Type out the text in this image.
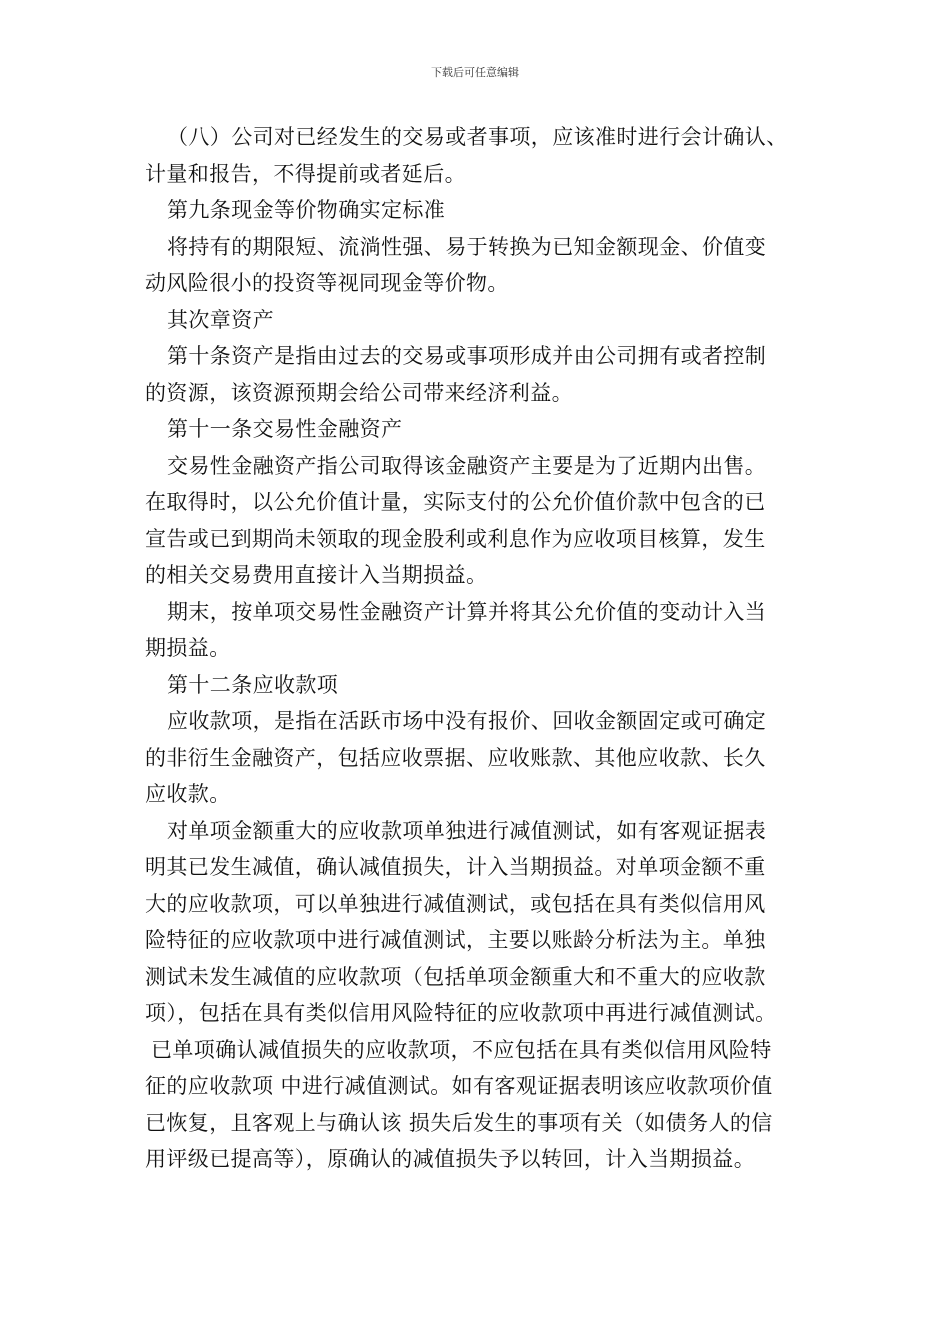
下载后可任意编辑
（八）公司对已经发生的交易或者事项，应该准时进行会计确认、
计量和报告，不得提前或者延后。
第九条现金等价物确实定标准
将持有的期限短、流淌性强、易于转换为已知金额现金、价值变
动风险很小的投资等视同现金等价物。
其次章资产
第十条资产是指由过去的交易或事项形成并由公司拥有或者控制
的资源，该资源预期会给公司带来经济利益。
第十一条交易性金融资产
交易性金融资产指公司取得该金融资产主要是为了近期内出售。
在取得时，以公允价值计量，实际支付的公允价值价款中包含的已
宣告或已到期尚未领取的现金股利或利息作为应收项目核算，发生
的相关交易费用直接计入当期损益。
期末，按单项交易性金融资产计算并将其公允价值的变动计入当
期损益。
第十二条应收款项
应收款项，是指在活跃市场中没有报价、回收金额固定或可确定
的非衍生金融资产，包括应收票据、应收账款、其他应收款、长久
应收款。
对单项金额重大的应收款项单独进行减值测试，如有客观证据表
明其已发生减值，确认减值损失，计入当期损益。对单项金额不重
大的应收款项，可以单独进行减值测试，或包括在具有类似信用风
险特征的应收款项中进行减值测试，主要以账龄分析法为主。单独
测试未发生减值的应收款项（包括单项金额重大和不重大的应收款
项），包括在具有类似信用风险特征的应收款项中再进行减值测试。
已单项确认减值损失的应收款项，不应包括在具有类似信用风险特
征的应收款项 中进行减值测试。如有客观证据表明该应收款项价值
已恢复，且客观上与确认该 损失后发生的事项有关（如债务人的信
用评级已提高等），原确认的减值损失予以转回，计入当期损益。
